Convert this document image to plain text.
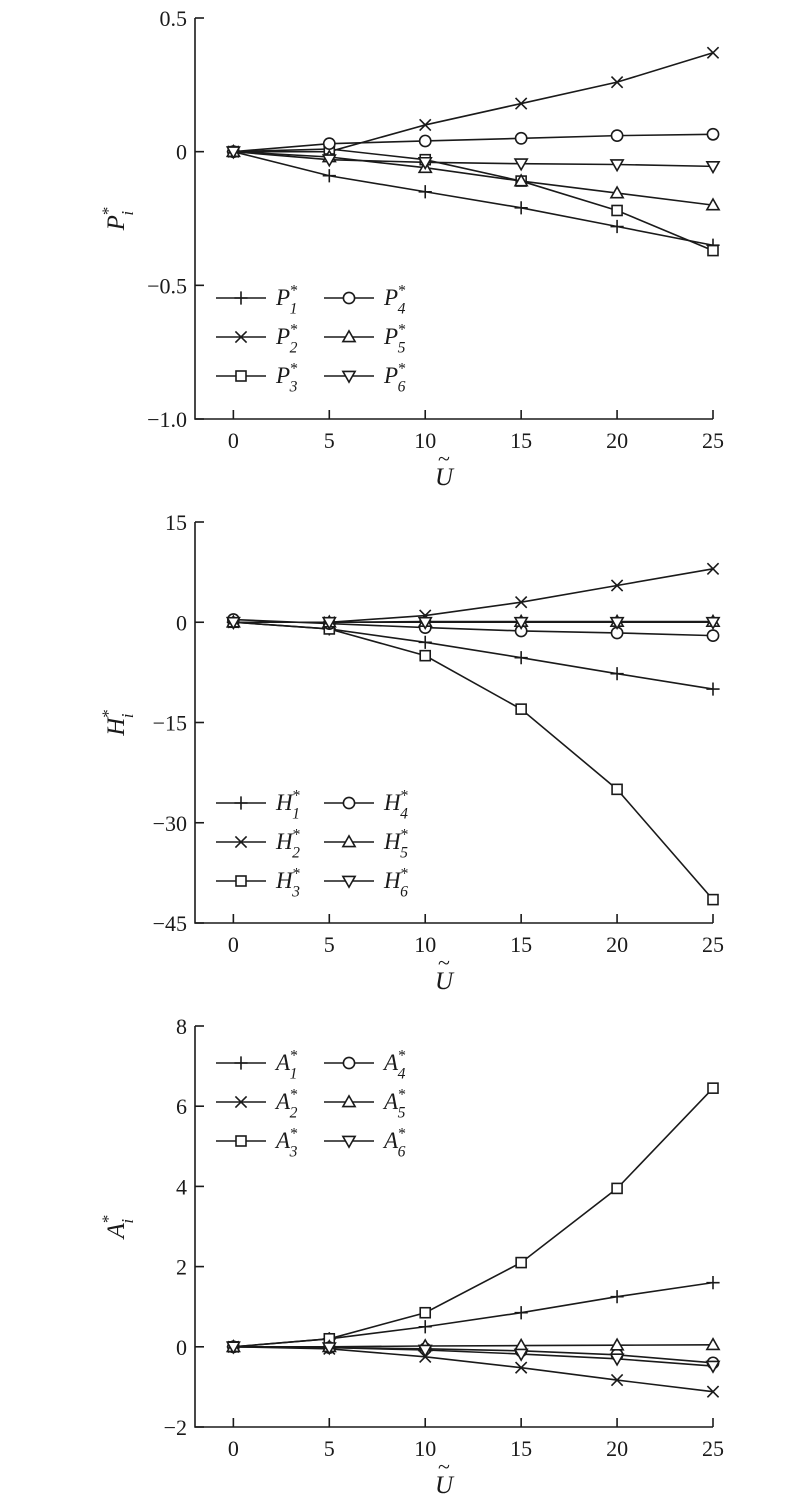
0.5
0
−0.5
−1.0
0	5	10	15	20	25
U
~
P*i
P* 1
P* 2
P* 3
P* 4
P* 5
P* 6
15
0
−15
−30
−45
0	5	10	15	20	25
U
~
H*i
H* 1
H* 2
H* 3
H* 4
H* 5
H* 6
8
6
4
2
0
−2
0	5	10	15	20	25
U
~
A*i
A* 1
A* 2
A* 3
A* 4
A* 5
A* 6
